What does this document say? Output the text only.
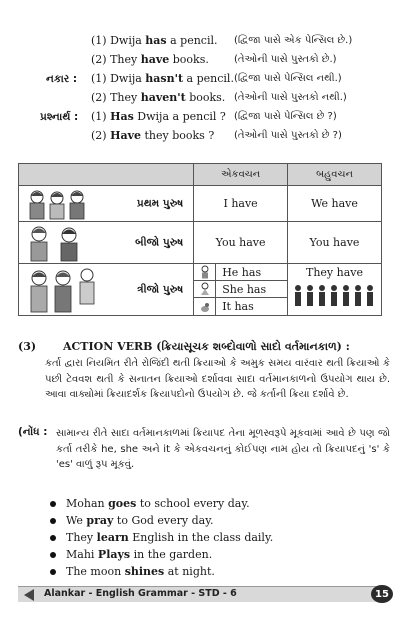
(1) Dwija has a pencil. (દ્વિજા પાસે એક પેન્સિલ છે.)
(2) They have books.	(તેઓની પાસે પુસ્તકો છે.)
નકાર : (1) Dwija hasn't a pencil. (દ્વિજા પાસે પેન્સિલ નથી.)
(2) They haven't books. (તેઓની પાસે પુસ્તકો નથી.)
પ્રશ્નાર્થ : (1) Has Dwija a pencil ? (દ્વિજા પાસે પેન્સિલ છે ?)
(2) Have they books ? (તેઓની પાસે પુસ્તકો છે ?)
	એકવચન	બહુવચન

પ્રથમ પુરુષ	I have	We have

બીજો પુરુષ	You have	You have

ત્રીજો પુરુષ	He has
She has
It has	They have
(3) ACTION VERB (ક્રિયાસૂચક શબ્દોવાળો સાદો વર્તમાનકાળ) :
કર્તા દ્વારા નિયમિત રીતે રોજિંદી થતી ક્રિયાઓ કે અમુક સમય વારંવાર થતી ક્રિયાઓ કે પછી ટેવવશ થતી કે સનાતન ક્રિયાઓ દર્શાવવા સાદા વર્તમાનકાળનો ઉપયોગ થાય છે. આવા વાક્યોમાં ક્રિયાદર્શક ક્રિયાપદોનો ઉપયોગ છે. જે કર્તાની ક્રિયા દર્શાવે છે.
(નોંધ : સામાન્ય રીતે સાદા વર્તમાનકાળમાં ક્રિયાપદ તેના મૂળસ્વરૂપે મૂકવામાં આવે છે પણ જો કર્તા તરીકે he, she અને it કે એકવચનનું કોઈપણ નામ હોય તો ક્રિયાપદનું 's' કે 'es' વાળું રૂપ મૂકવું.
Mohan goes to school every day.
We pray to God every day.
They learn English in the class daily.
Mahi Plays in the garden.
The moon shines at night.
Alankar - English Grammar - STD - 6	15
